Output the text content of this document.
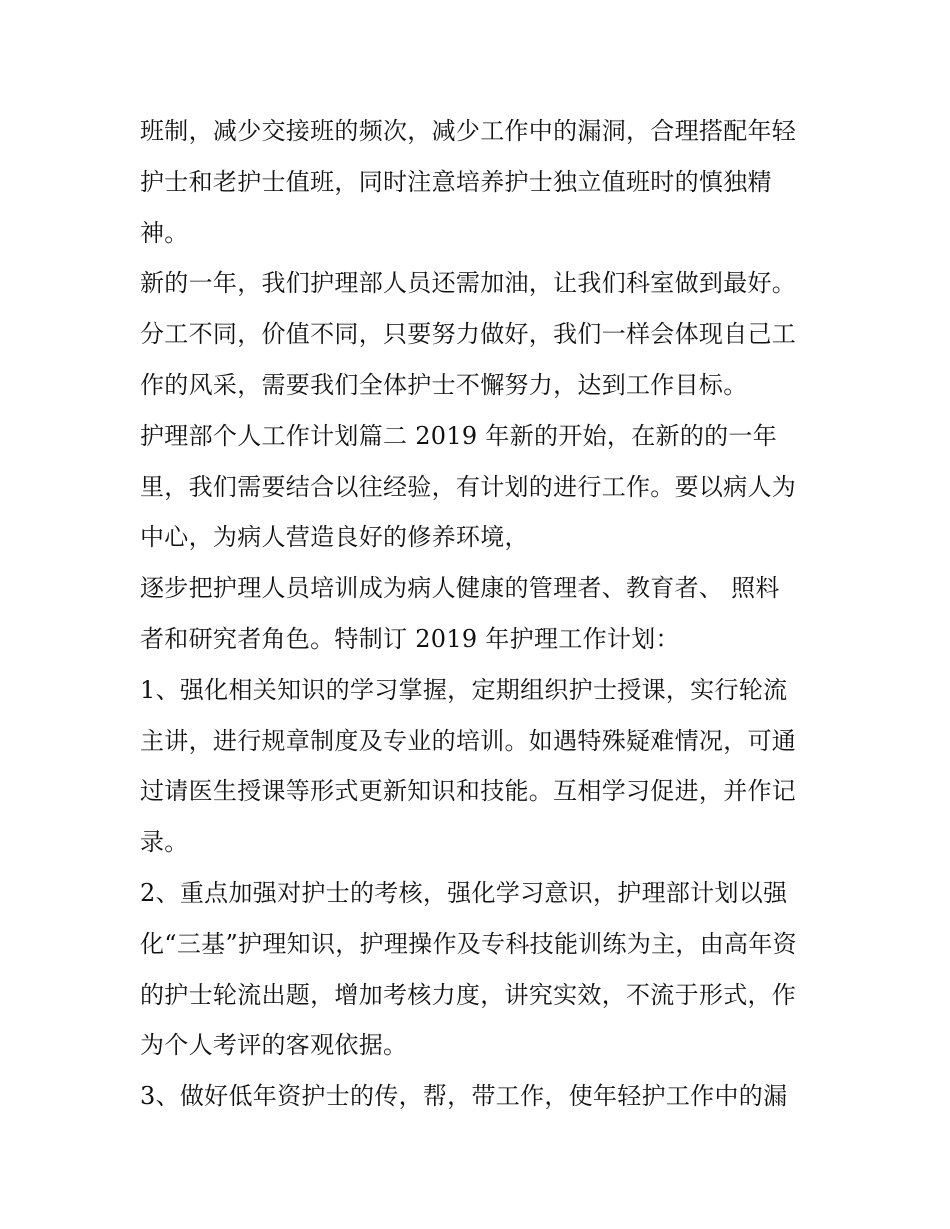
班制，减少交接班的频次，减少工作中的漏洞，合理搭配年轻
护士和老护士值班，同时注意培养护士独立值班时的慎独精
神。
新的一年，我们护理部人员还需加油，让我们科室做到最好。
分工不同，价值不同，只要努力做好，我们一样会体现自己工
作的风采，需要我们全体护士不懈努力，达到工作目标。
护理部个人工作计划篇二 2019 年新的开始，在新的的一年
里，我们需要结合以往经验，有计划的进行工作。要以病人为
中心，为病人营造良好的修养环境，
逐步把护理人员培训成为病人健康的管理者、教育者、 照料
者和研究者角色。特制订 2019 年护理工作计划：
1、强化相关知识的学习掌握，定期组织护士授课，实行轮流
主讲，进行规章制度及专业的培训。如遇特殊疑难情况，可通
过请医生授课等形式更新知识和技能。互相学习促进，并作记
录。
2、重点加强对护士的考核，强化学习意识，护理部计划以强
化“三基”护理知识，护理操作及专科技能训练为主，由高年资
的护士轮流出题，增加考核力度，讲究实效，不流于形式，作
为个人考评的客观依据。
3、做好低年资护士的传，帮，带工作，使年轻护工作中的漏
